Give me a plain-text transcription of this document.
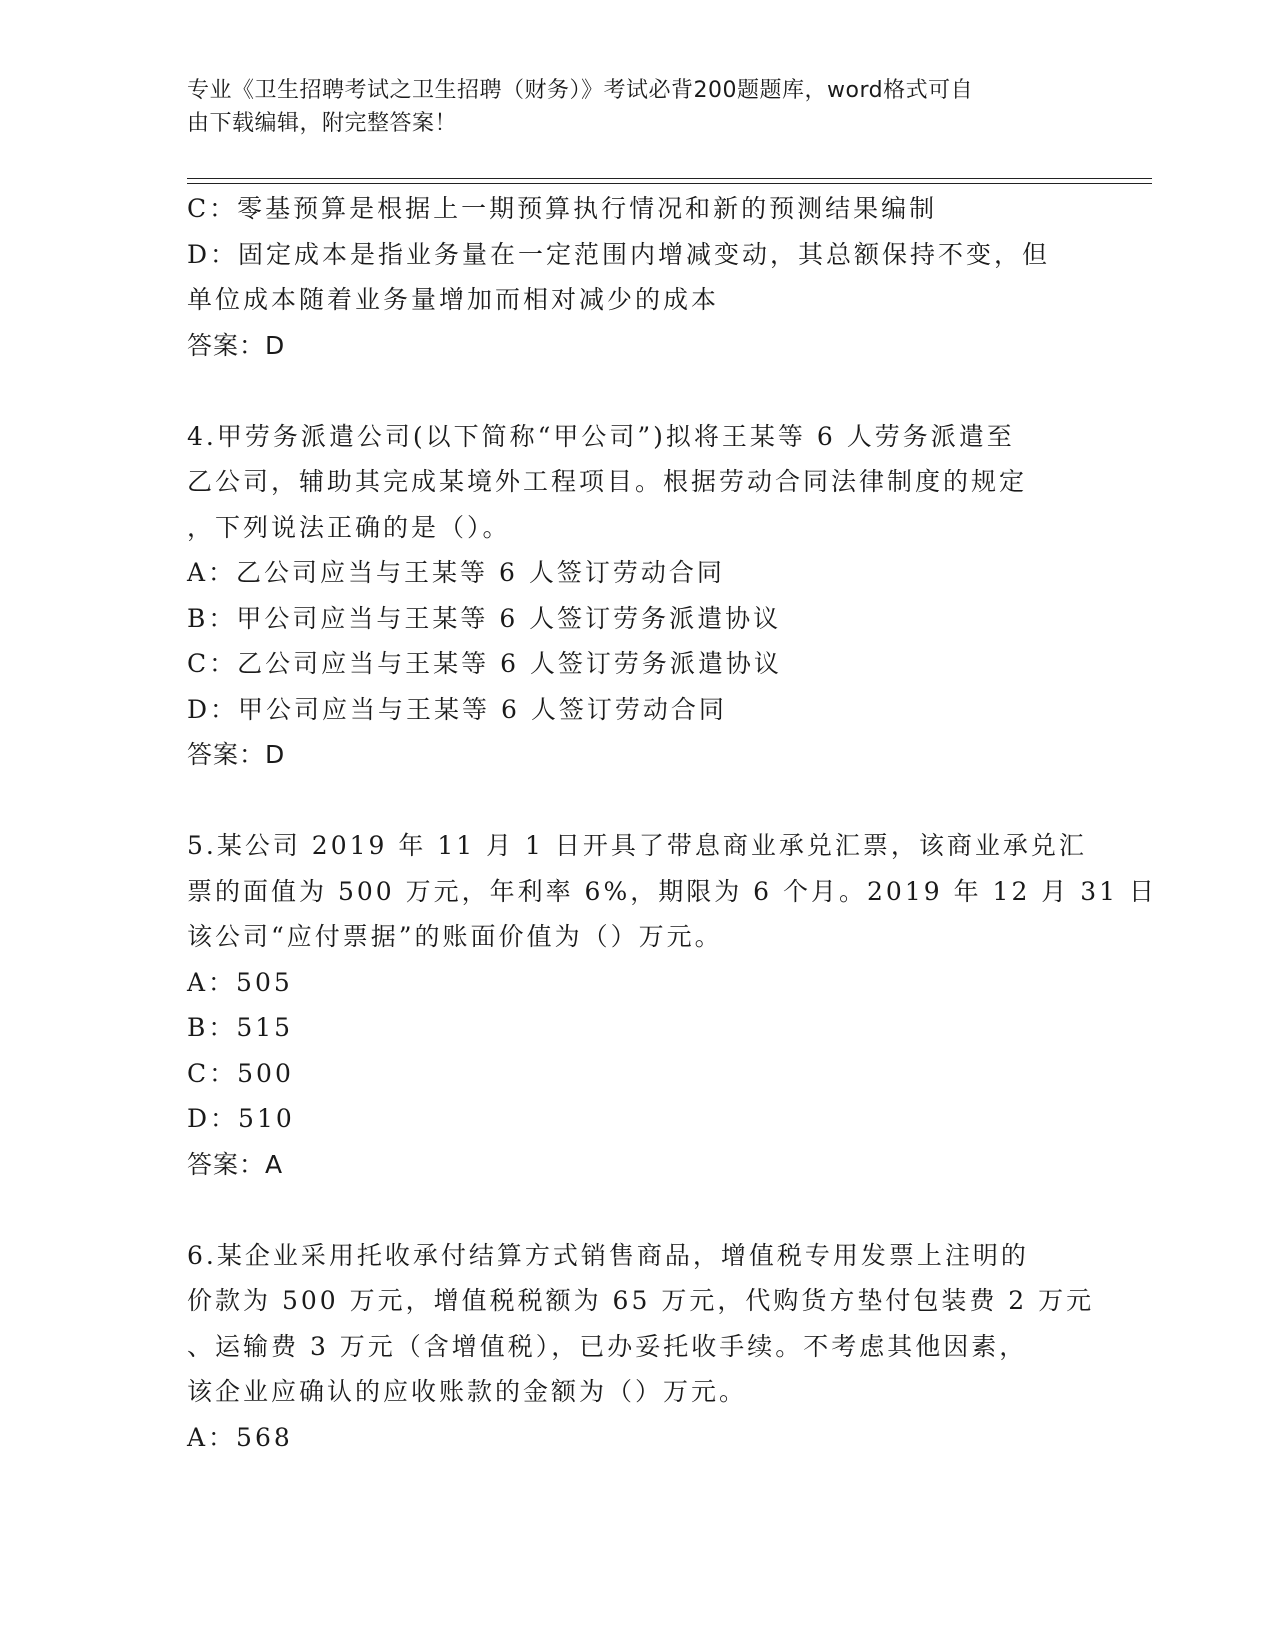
专业《卫生招聘考试之卫生招聘（财务）》考试必背200题题库，word格式可自
由下载编辑，附完整答案！
C：零基预算是根据上一期预算执行情况和新的预测结果编制
D：固定成本是指业务量在一定范围内增减变动，其总额保持不变，但
单位成本随着业务量增加而相对减少的成本
答案：D
4.甲劳务派遣公司(以下简称“甲公司”)拟将王某等 6 人劳务派遣至
乙公司，辅助其完成某境外工程项目。根据劳动合同法律制度的规定
，下列说法正确的是（）。
A：乙公司应当与王某等 6 人签订劳动合同
B：甲公司应当与王某等 6 人签订劳务派遣协议
C：乙公司应当与王某等 6 人签订劳务派遣协议
D：甲公司应当与王某等 6 人签订劳动合同
答案：D
5.某公司 2019 年 11 月 1 日开具了带息商业承兑汇票，该商业承兑汇
票的面值为 500 万元，年利率 6%，期限为 6 个月。2019 年 12 月 31 日
该公司“应付票据”的账面价值为（）万元。
A：505
B：515
C：500
D：510
答案：A
6.某企业采用托收承付结算方式销售商品，增值税专用发票上注明的
价款为 500 万元，增值税税额为 65 万元，代购货方垫付包装费 2 万元
、运输费 3 万元（含增值税），已办妥托收手续。不考虑其他因素，
该企业应确认的应收账款的金额为（）万元。
A：568
